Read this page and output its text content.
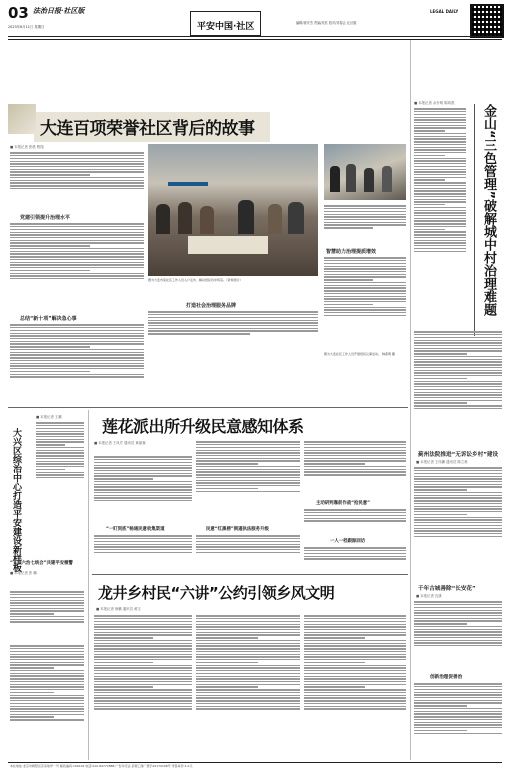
03 法治日报·社区版
2023年6月11日 星期日	平安中国·社区	编辑/蒋安杰 责编/吴茗 校对/邓春会 社区版
LEGAL DAILY
大连百项荣誉社区背后的故事
图为大连市某社区工作人员入户走访、解决居民诉求场景。（资料图片）
■ 本报记者 张晨 程翔
党建引领提升治理水平
总结“新十项”解决急心事
智慧助力治理提质增效
打造社会治理服务品牌
图为大连社区工作人员开展居民议事活动。 韩燕明 摄
■ 本报记者 余东明 陈鸿燕
金山“三色管理”破解城中村治理难题
蓟州法院推进“无诉讼乡村”建设
■ 本报记者 王伟鹏 通讯员 陈立甫
千年古城善除“长安花”
■ 本报记者 沈康
创新治理促善治
大兴区综治中心打造平安建设新样板
■ 本报记者 王鹏
“五联六治七统合”共建平安微警
■ 本报记者 张 鹏
莲花派出所升级民意感知体系
■ 本报记者 王凤芹 通讯员 黄丽蓉
“一盯到底”畅通民意收集渠道	民意“红黑榜”倒逼执法服务升级
主动研判靠前作战“抢民意”
一人一档跟踪回访
龙井乡村民“六讲”公约引领乡风文明
■ 本报记者 徐鹏 通讯员 黄文
本社地址:北京市朝阳区花家地甲一号 邮政编码:100102 电话:010-84772888 广告许可证:京朝工商广登字20170108号 零售每份:1.0元
